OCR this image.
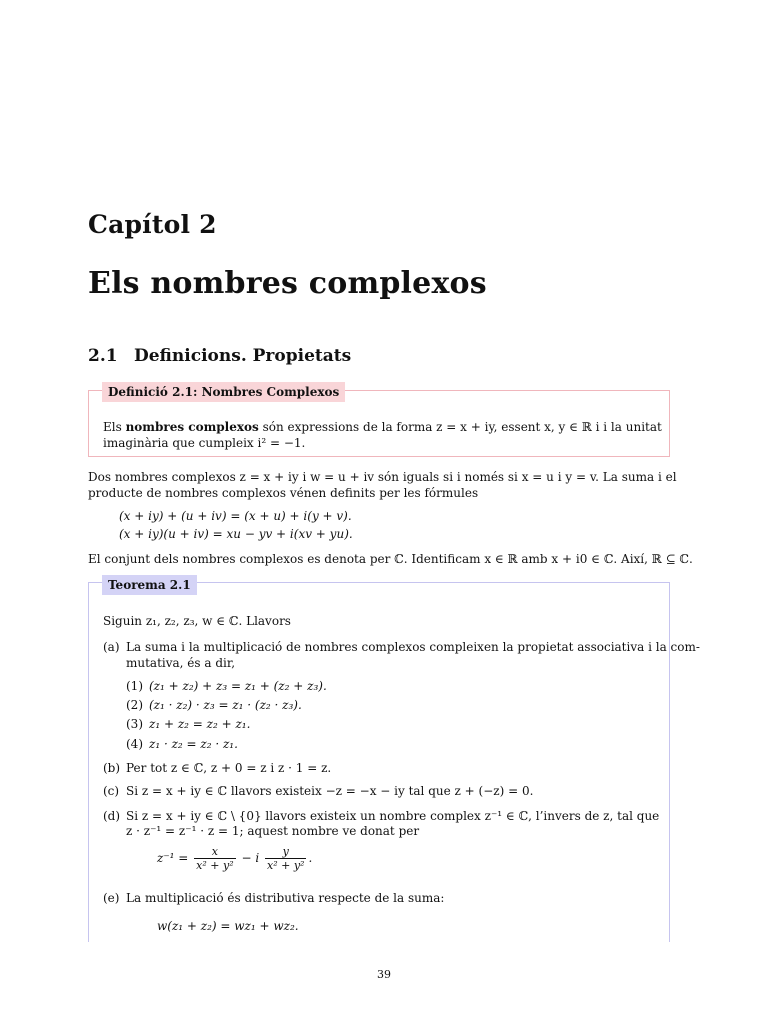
Capítol 2
Els nombres complexos
2.1 Definicions. Propietats
Definició 2.1: Nombres Complexos
Els nombres complexos són expressions de la forma z = x + iy, essent x, y ∈ ℝ i i la unitat
imaginària que cumpleix i² = −1.
Dos nombres complexos z = x + iy i w = u + iv són iguals si i només si x = u i y = v. La suma i el
producte de nombres complexos vénen definits per les fórmules
(x + iy) + (u + iv) = (x + u) + i(y + v).
(x + iy)(u + iv) = xu − yv + i(xv + yu).
El conjunt dels nombres complexos es denota per ℂ. Identificam x ∈ ℝ amb x + i0 ∈ ℂ. Així, ℝ ⊆ ℂ.
Teorema 2.1
Siguin z₁, z₂, z₃, w ∈ ℂ. Llavors
(a) La suma i la multiplicació de nombres complexos compleixen la propietat associativa i la com-
mutativa, és a dir,
(1) (z₁ + z₂) + z₃ = z₁ + (z₂ + z₃).
(2) (z₁ · z₂) · z₃ = z₁ · (z₂ · z₃).
(3) z₁ + z₂ = z₂ + z₁.
(4) z₁ · z₂ = z₂ · z₁.
(b) Per tot z ∈ ℂ, z + 0 = z i z · 1 = z.
(c) Si z = x + iy ∈ ℂ llavors existeix −z = −x − iy tal que z + (−z) = 0.
(d) Si z = x + iy ∈ ℂ \ {0} llavors existeix un nombre complex z⁻¹ ∈ ℂ, l’invers de z, tal que
z · z⁻¹ = z⁻¹ · z = 1; aquest nombre ve donat per
$z^{-1} = \frac{x}{\text{x² + y²}} - i \frac{y}{\text{x² + y²}}$ .
(e) La multiplicació és distributiva respecte de la suma:
w(z₁ + z₂) = wz₁ + wz₂.
39
